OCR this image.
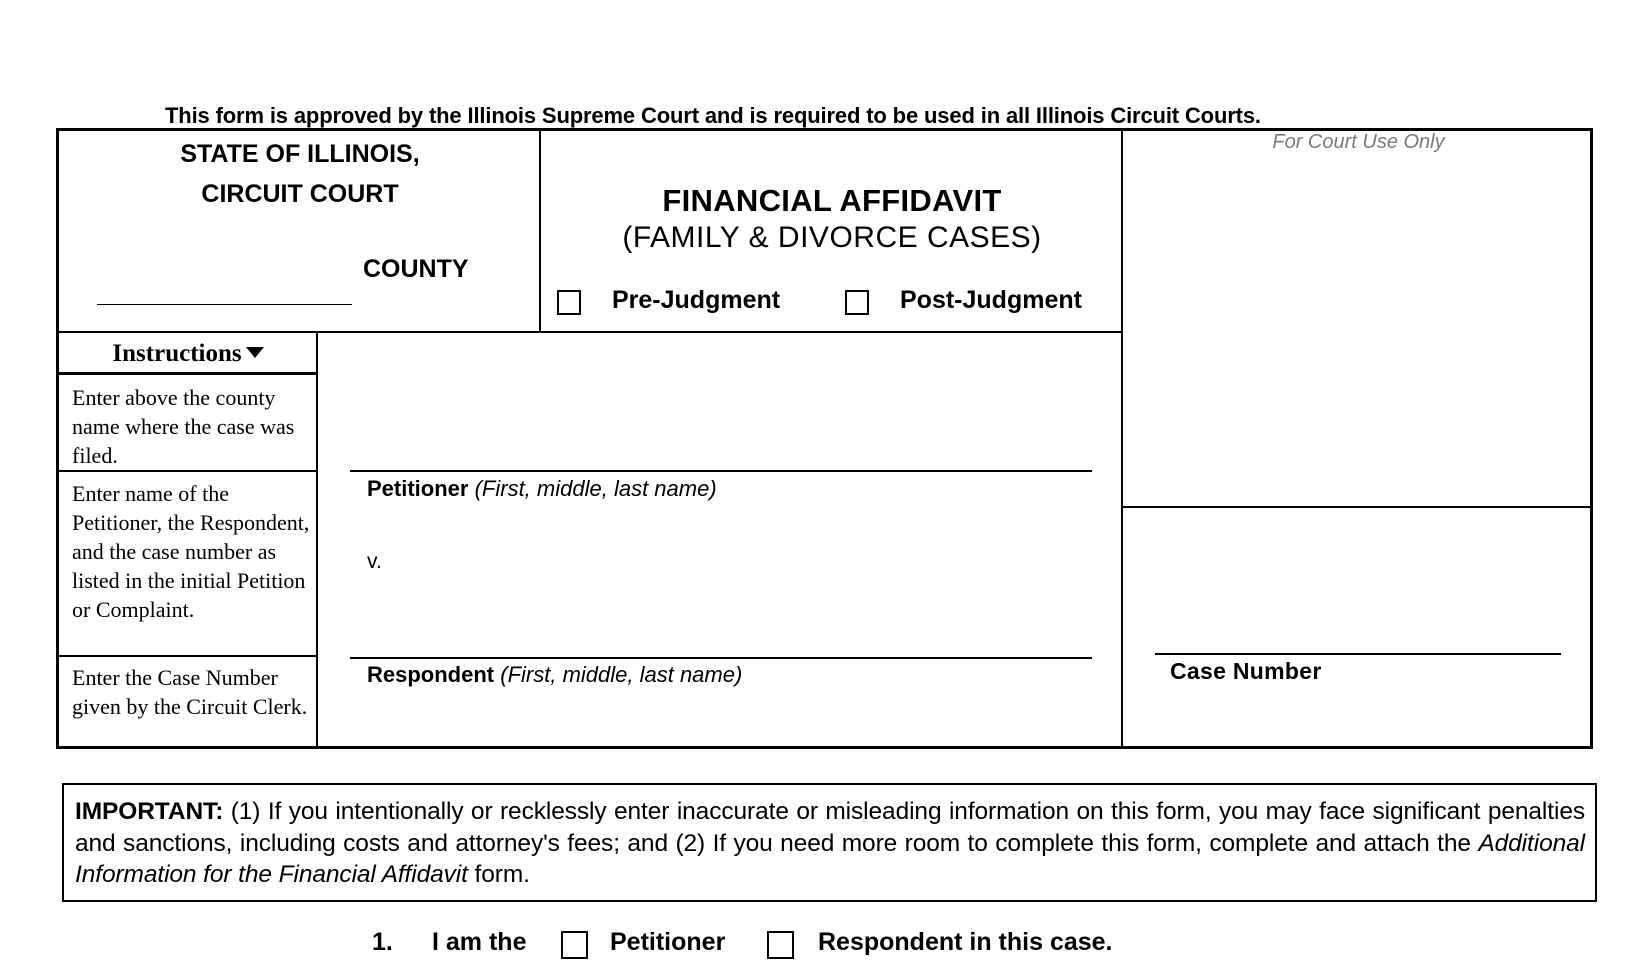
This form is approved by the Illinois Supreme Court and is required to be used in all Illinois Circuit Courts.
STATE OF ILLINOIS,
CIRCUIT COURT
COUNTY
FINANCIAL AFFIDAVIT
(FAMILY & DIVORCE CASES)
Pre-Judgment	Post-Judgment
For Court Use Only
Instructions
Enter above the county name where the case was filed.
Enter name of the Petitioner, the Respondent, and the case number as listed in the initial Petition or Complaint.
Enter the Case Number given by the Circuit Clerk.
Petitioner (First, middle, last name)
v.
Respondent (First, middle, last name)	Case Number
IMPORTANT: (1) If you intentionally or recklessly enter inaccurate or misleading information on this form, you may face significant penalties and sanctions, including costs and attorney's fees; and (2) If you need more room to complete this form, complete and attach the Additional Information for the Financial Affidavit form.
1. I am the	Petitioner	Respondent in this case.
